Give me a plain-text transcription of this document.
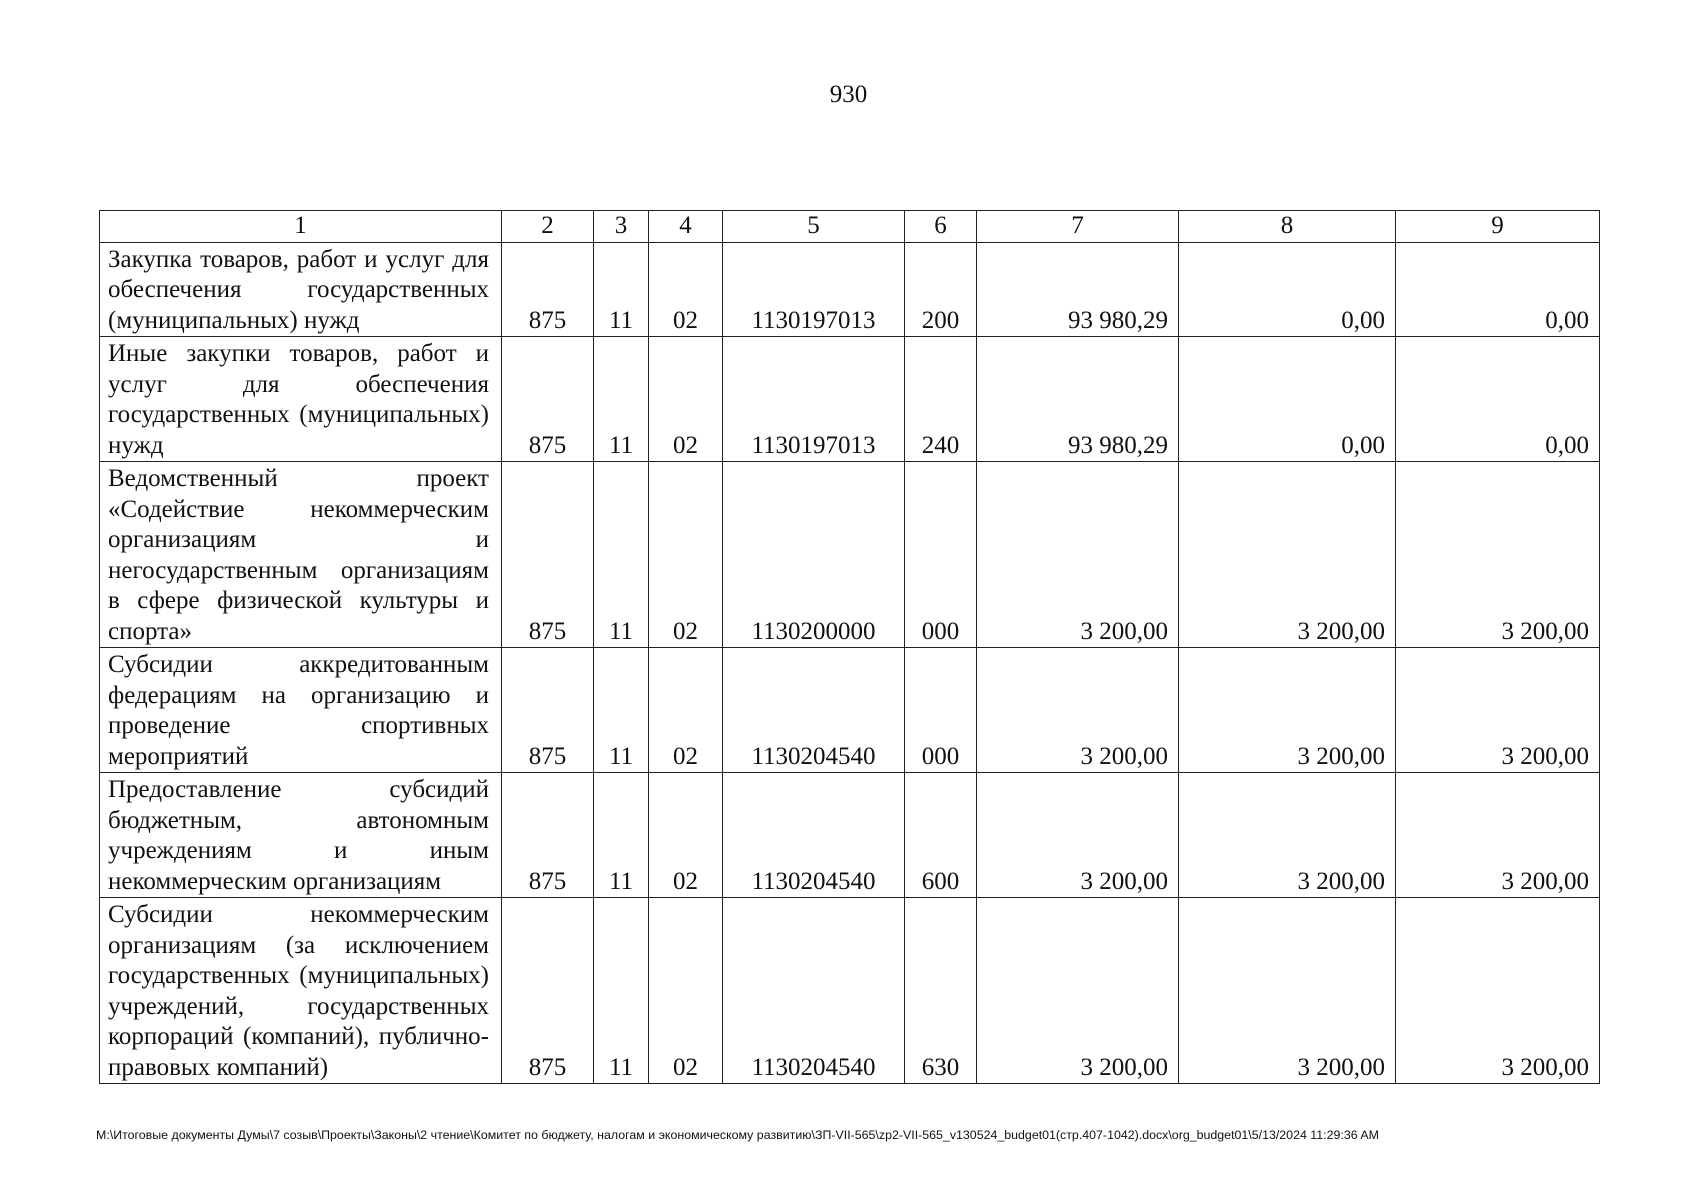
930
1	2	3	4	5	6	7	8	9
Закупка товаров, работ и услуг для обеспечения государственных (муниципальных) нужд	875	11	02	1130197013	200	93 980,29	0,00	0,00
Иные закупки товаров, работ и услуг для обеспечения государственных (муниципальных) нужд	875	11	02	1130197013	240	93 980,29	0,00	0,00
Ведомственный проект «Содействие некоммерческим организациям и негосударственным организациям в сфере физической культуры и спорта»	875	11	02	1130200000	000	3 200,00	3 200,00	3 200,00
Субсидии аккредитованным федерациям на организацию и проведение спортивных мероприятий	875	11	02	1130204540	000	3 200,00	3 200,00	3 200,00
Предоставление субсидий бюджетным, автономным учреждениям и иным некоммерческим организациям	875	11	02	1130204540	600	3 200,00	3 200,00	3 200,00
Субсидии некоммерческим организациям (за исключением государственных (муниципальных) учреждений, государственных корпораций (компаний), публично-правовых компаний)	875	11	02	1130204540	630	3 200,00	3 200,00	3 200,00
M:\Итоговые документы Думы\7 созыв\Проекты\Законы\2 чтение\Комитет по бюджету, налогам и экономическому развитию\ЗП-VII-565\zp2-VII-565_v130524_budget01(стр.407-1042).docx\org_budget01\5/13/2024 11:29:36 AM
